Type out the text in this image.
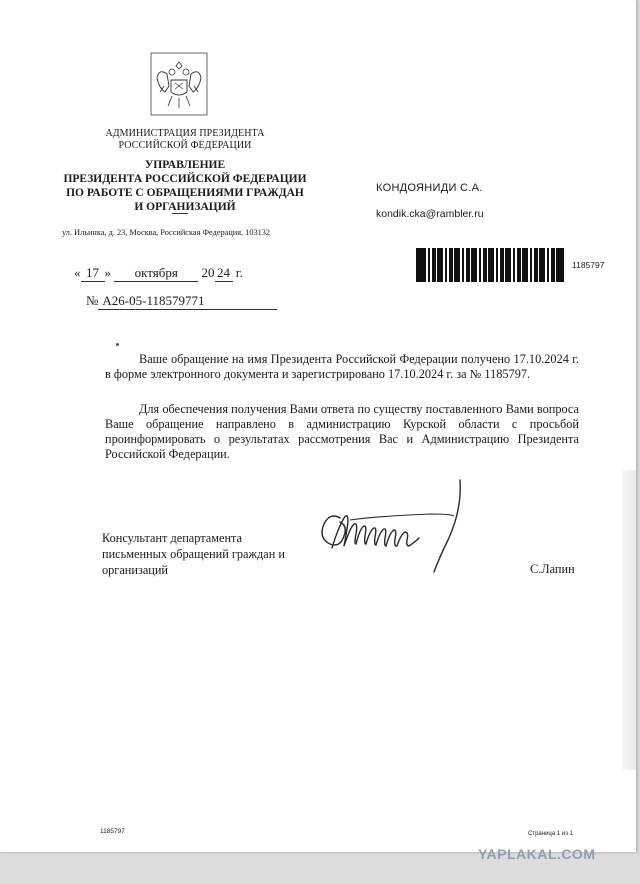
АДМИНИСТРАЦИЯ ПРЕЗИДЕНТА
РОССИЙСКОЙ ФЕДЕРАЦИИ
УПРАВЛЕНИЕ
ПРЕЗИДЕНТА РОССИЙСКОЙ ФЕДЕРАЦИИ
ПО РАБОТЕ С ОБРАЩЕНИЯМИ ГРАЖДАН
И ОРГАНИЗАЦИЙ
ул. Ильинка, д. 23, Москва, Российская Федерация, 103132
КОНДОЯНИДИ С.А.
kondik.cka@rambler.ru
1185797
« 17 » октября 20 24 г.
№ А26-05-118579771
Ваше обращение на имя Президента Российской Федерации получено 17.10.2024 г. в форме электронного документа и зарегистрировано 17.10.2024 г. за № 1185797.
Для обеспечения получения Вами ответа по существу поставленного Вами вопроса Ваше обращение направлено в администрацию Курской области с просьбой проинформировать о результатах рассмотрения Вас и Администрацию Президента Российской Федерации.
Консультант департамента
письменных обращений граждан и
организаций	С.Лапин
1185797	Страница 1 из 1
YAPLAKAL.COM
